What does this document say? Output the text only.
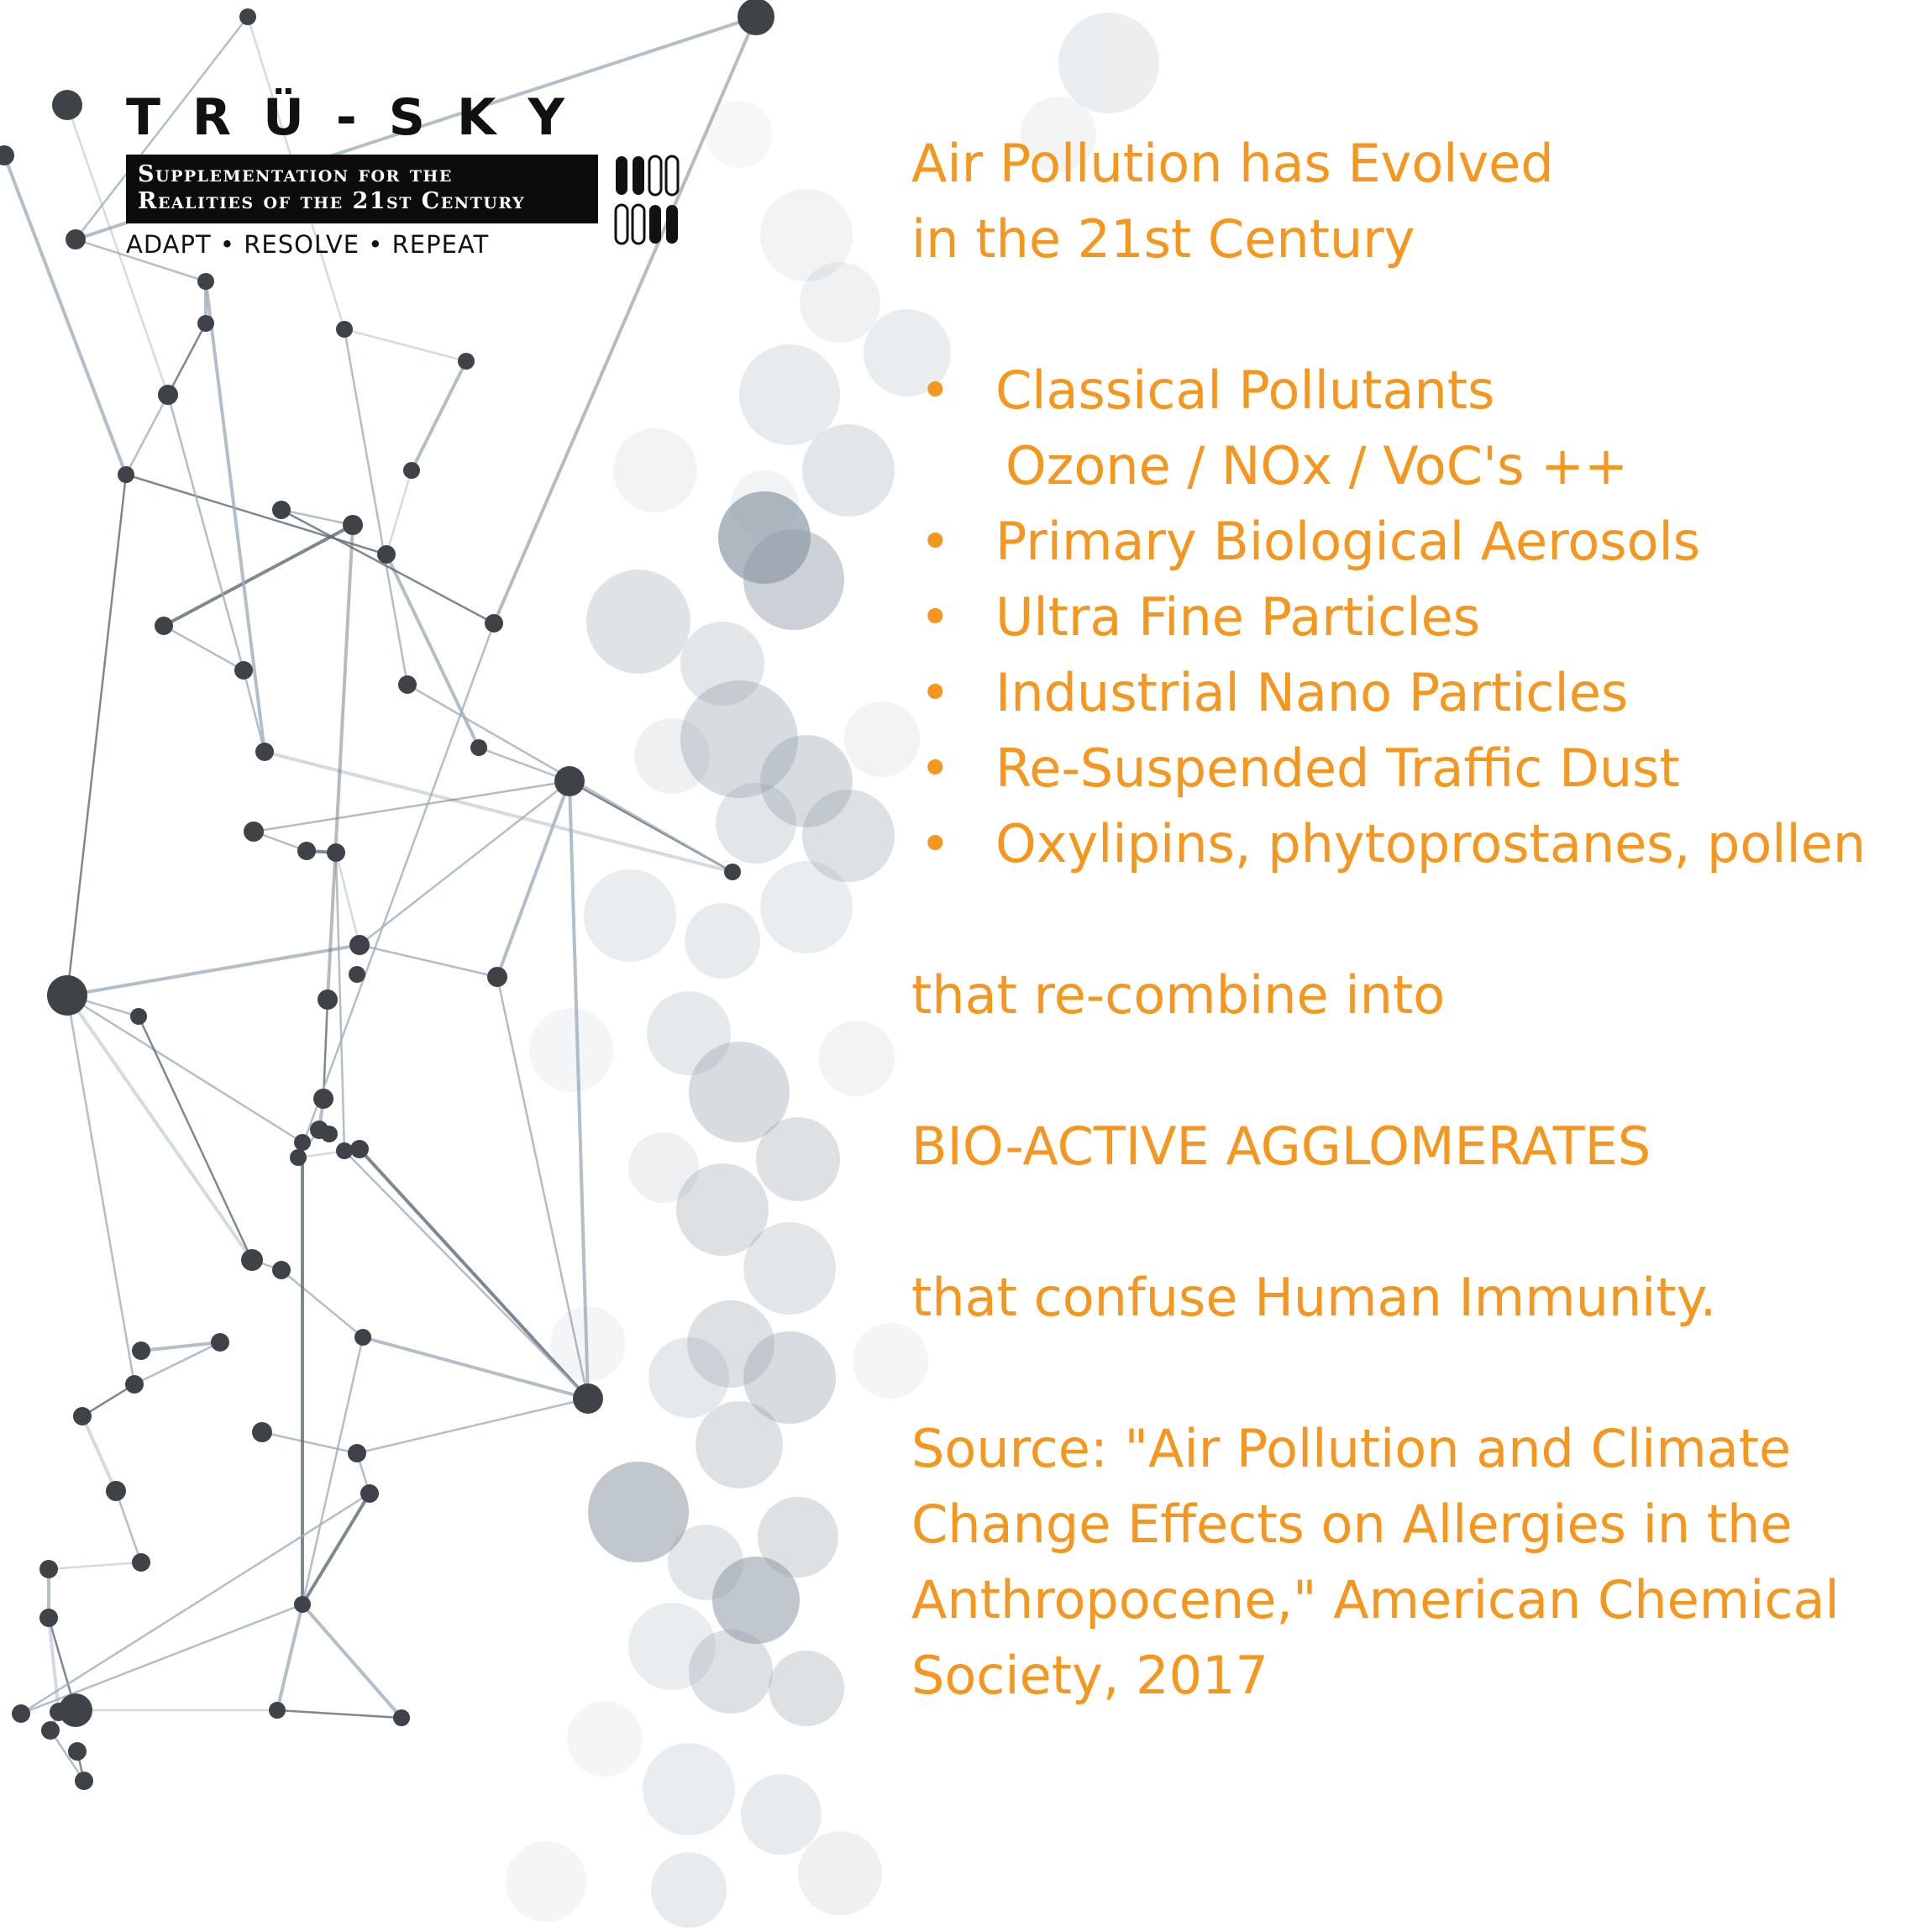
TRÜ-SKY
Supplementation for the
Realities of the 21st Century
ADAPT • RESOLVE • REPEAT
Air Pollution has Evolved
in the 21st Century
• Classical Pollutants
Ozone / NOx / VoC's ++
• Primary Biological Aerosols
• Ultra Fine Particles
• Industrial Nano Particles
• Re-Suspended Traffic Dust
• Oxylipins, phytoprostanes, pollen

that re-combine into

BIO-ACTIVE AGGLOMERATES

that confuse Human Immunity.

Source: "Air Pollution and Climate
Change Effects on Allergies in the
Anthropocene," American Chemical
Society, 2017
